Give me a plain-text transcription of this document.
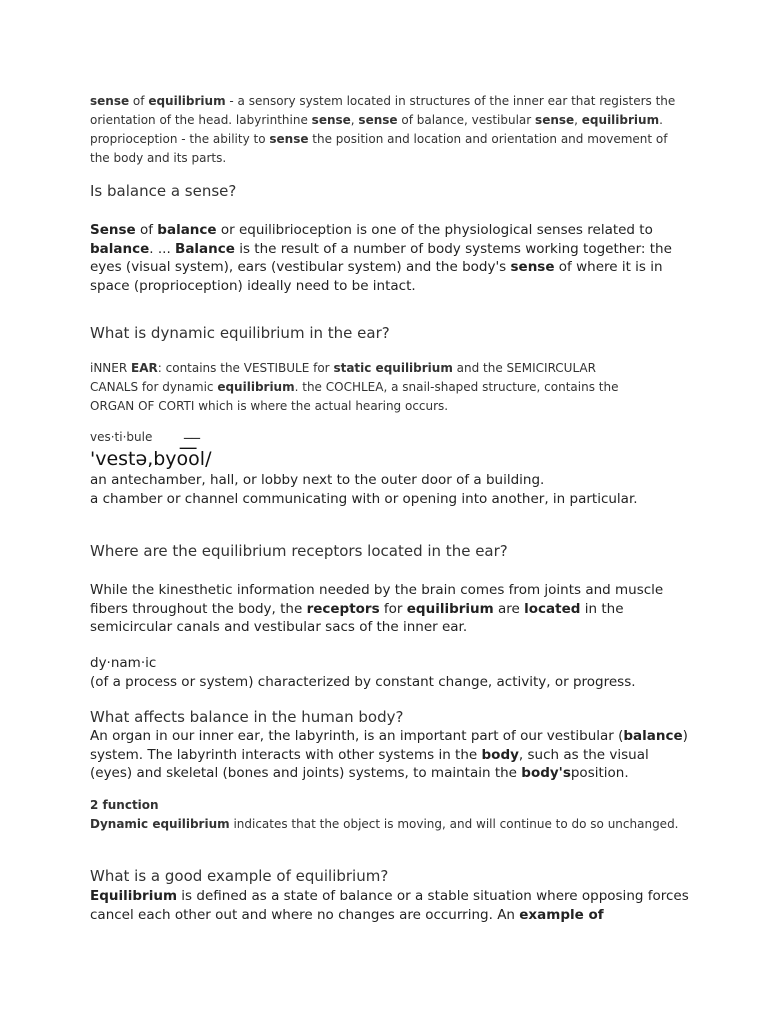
sense of equilibrium - a sensory system located in structures of the inner ear that registers the
orientation of the head. labyrinthine sense, sense of balance, vestibular sense, equilibrium.
proprioception - the ability to sense the position and location and orientation and movement of
the body and its parts.
Is balance a sense?
Sense of balance or equilibrioception is one of the physiological senses related to
balance. ... Balance is the result of a number of body systems working together: the
eyes (visual system), ears (vestibular system) and the body's sense of where it is in
space (proprioception) ideally need to be intact.
What is dynamic equilibrium in the ear?
iNNER EAR: contains the VESTIBULE for static equilibrium and the SEMICIRCULAR
CANALS for dynamic equilibrium. the COCHLEA, a snail-shaped structure, contains the
ORGAN OF CORTI which is where the actual hearing occurs.
ves·ti·bule __
'vestə,byo͞ol/
an antechamber, hall, or lobby next to the outer door of a building.
a chamber or channel communicating with or opening into another, in particular.
Where are the equilibrium receptors located in the ear?
While the kinesthetic information needed by the brain comes from joints and muscle
fibers throughout the body, the receptors for equilibrium are located in the
semicircular canals and vestibular sacs of the inner ear.
dy·nam·ic
(of a process or system) characterized by constant change, activity, or progress.
What affects balance in the human body?
An organ in our inner ear, the labyrinth, is an important part of our vestibular (balance)
system. The labyrinth interacts with other systems in the body, such as the visual
(eyes) and skeletal (bones and joints) systems, to maintain the body'sposition.
2 function
Dynamic equilibrium indicates that the object is moving, and will continue to do so unchanged.
What is a good example of equilibrium?
Equilibrium is defined as a state of balance or a stable situation where opposing forces
cancel each other out and where no changes are occurring. An example of
